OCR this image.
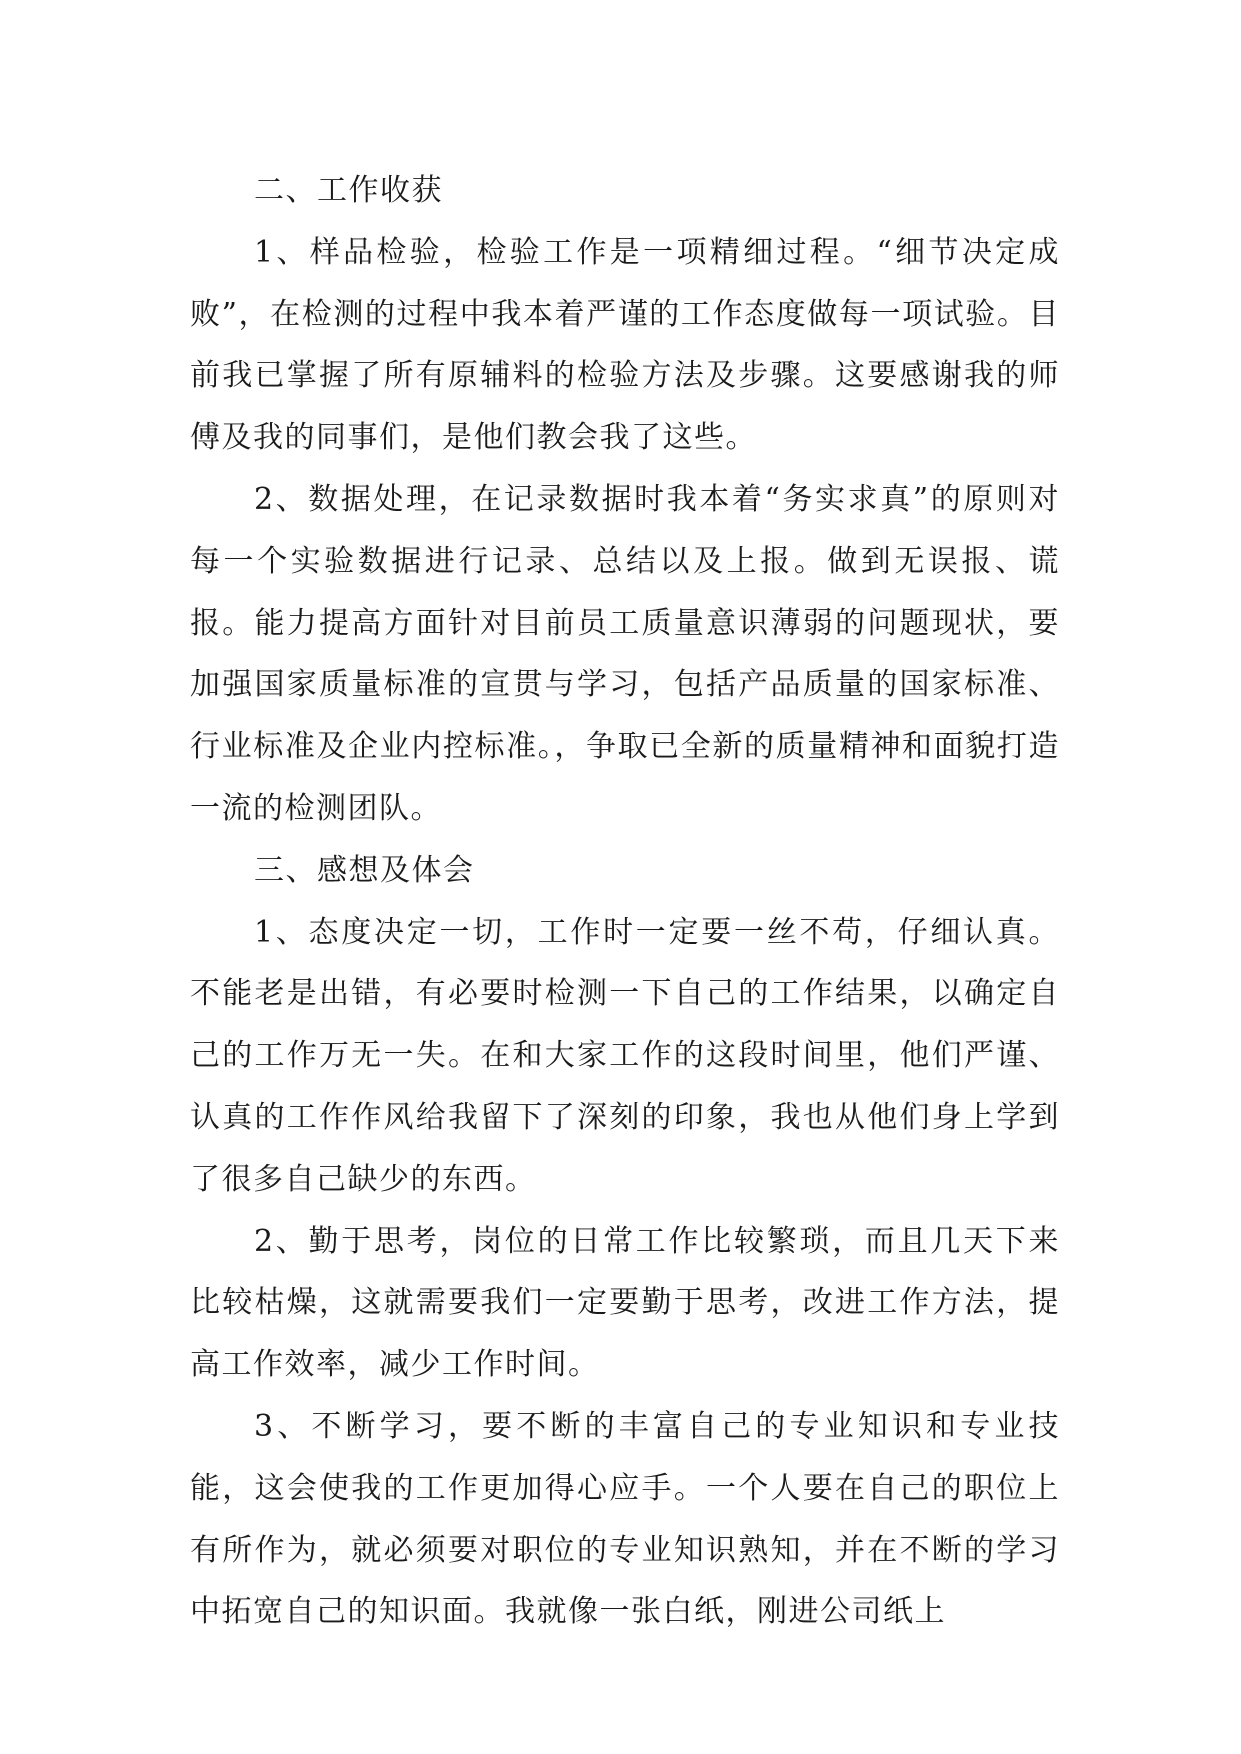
二、工作收获

1、样品检验，检验工作是一项精细过程。“细节决定成败”，在检测的过程中我本着严谨的工作态度做每一项试验。目前我已掌握了所有原辅料的检验方法及步骤。这要感谢我的师傅及我的同事们，是他们教会我了这些。

2、数据处理，在记录数据时我本着“务实求真”的原则对每一个实验数据进行记录、总结以及上报。做到无误报、谎报。能力提高方面针对目前员工质量意识薄弱的问题现状，要加强国家质量标准的宣贯与学习，包括产品质量的国家标准、行业标准及企业内控标准。，争取已全新的质量精神和面貌打造一流的检测团队。

三、感想及体会

1、态度决定一切，工作时一定要一丝不苟，仔细认真。不能老是出错，有必要时检测一下自己的工作结果，以确定自己的工作万无一失。在和大家工作的这段时间里，他们严谨、认真的工作作风给我留下了深刻的印象，我也从他们身上学到了很多自己缺少的东西。

2、勤于思考，岗位的日常工作比较繁琐，而且几天下来比较枯燥，这就需要我们一定要勤于思考，改进工作方法，提高工作效率，减少工作时间。

3、不断学习，要不断的丰富自己的专业知识和专业技能，这会使我的工作更加得心应手。一个人要在自己的职位上有所作为，就必须要对职位的专业知识熟知，并在不断的学习中拓宽自己的知识面。我就像一张白纸，刚进公司纸上
